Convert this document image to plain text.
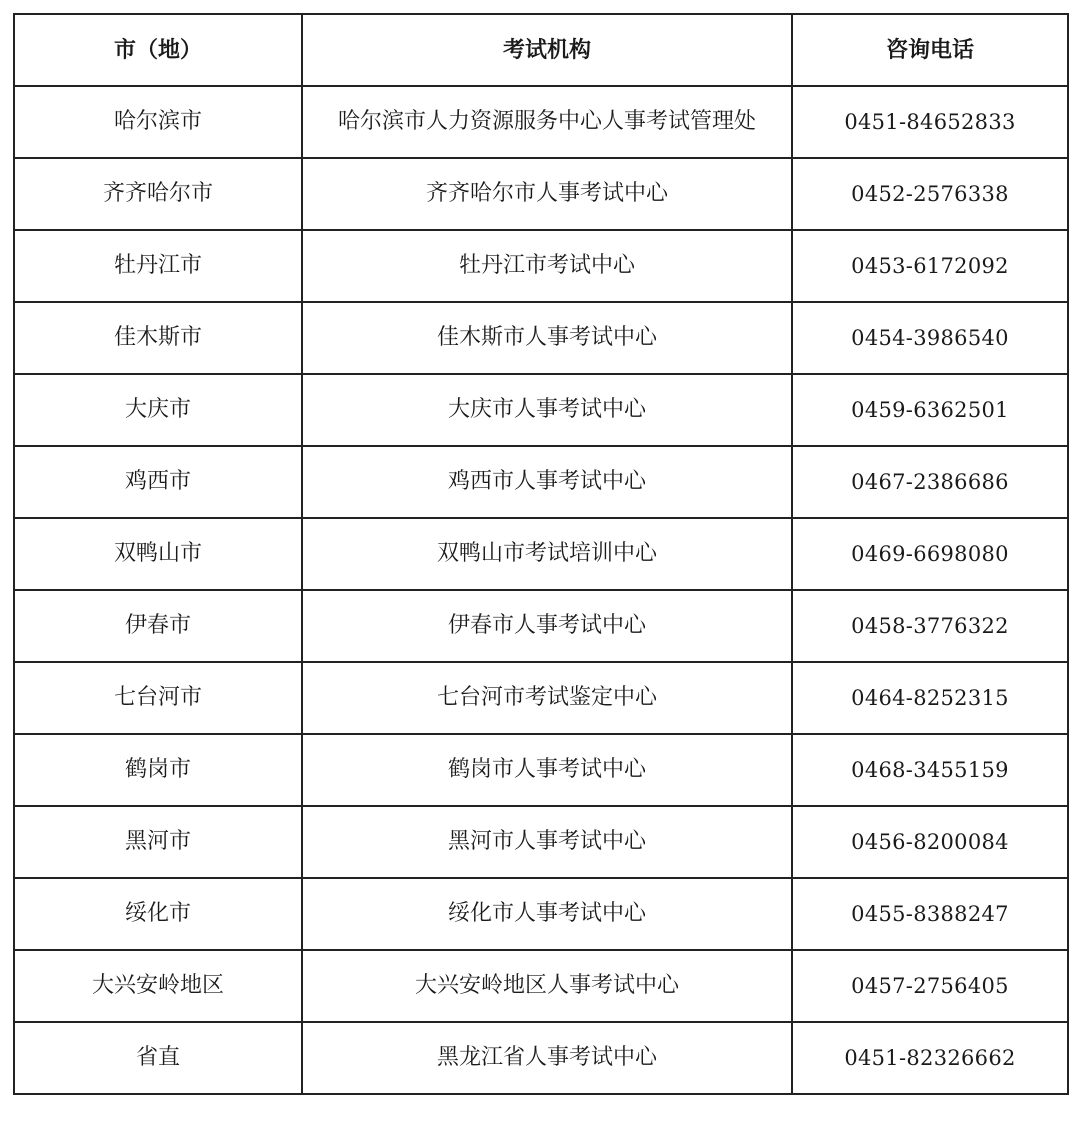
市（地）	考试机构	咨询电话
哈尔滨市	哈尔滨市人力资源服务中心人事考试管理处	0451-84652833
齐齐哈尔市	齐齐哈尔市人事考试中心	0452-2576338
牡丹江市	牡丹江市考试中心	0453-6172092
佳木斯市	佳木斯市人事考试中心	0454-3986540
大庆市	大庆市人事考试中心	0459-6362501
鸡西市	鸡西市人事考试中心	0467-2386686
双鸭山市	双鸭山市考试培训中心	0469-6698080
伊春市	伊春市人事考试中心	0458-3776322
七台河市	七台河市考试鉴定中心	0464-8252315
鹤岗市	鹤岗市人事考试中心	0468-3455159
黑河市	黑河市人事考试中心	0456-8200084
绥化市	绥化市人事考试中心	0455-8388247
大兴安岭地区	大兴安岭地区人事考试中心	0457-2756405
省直	黑龙江省人事考试中心	0451-82326662
